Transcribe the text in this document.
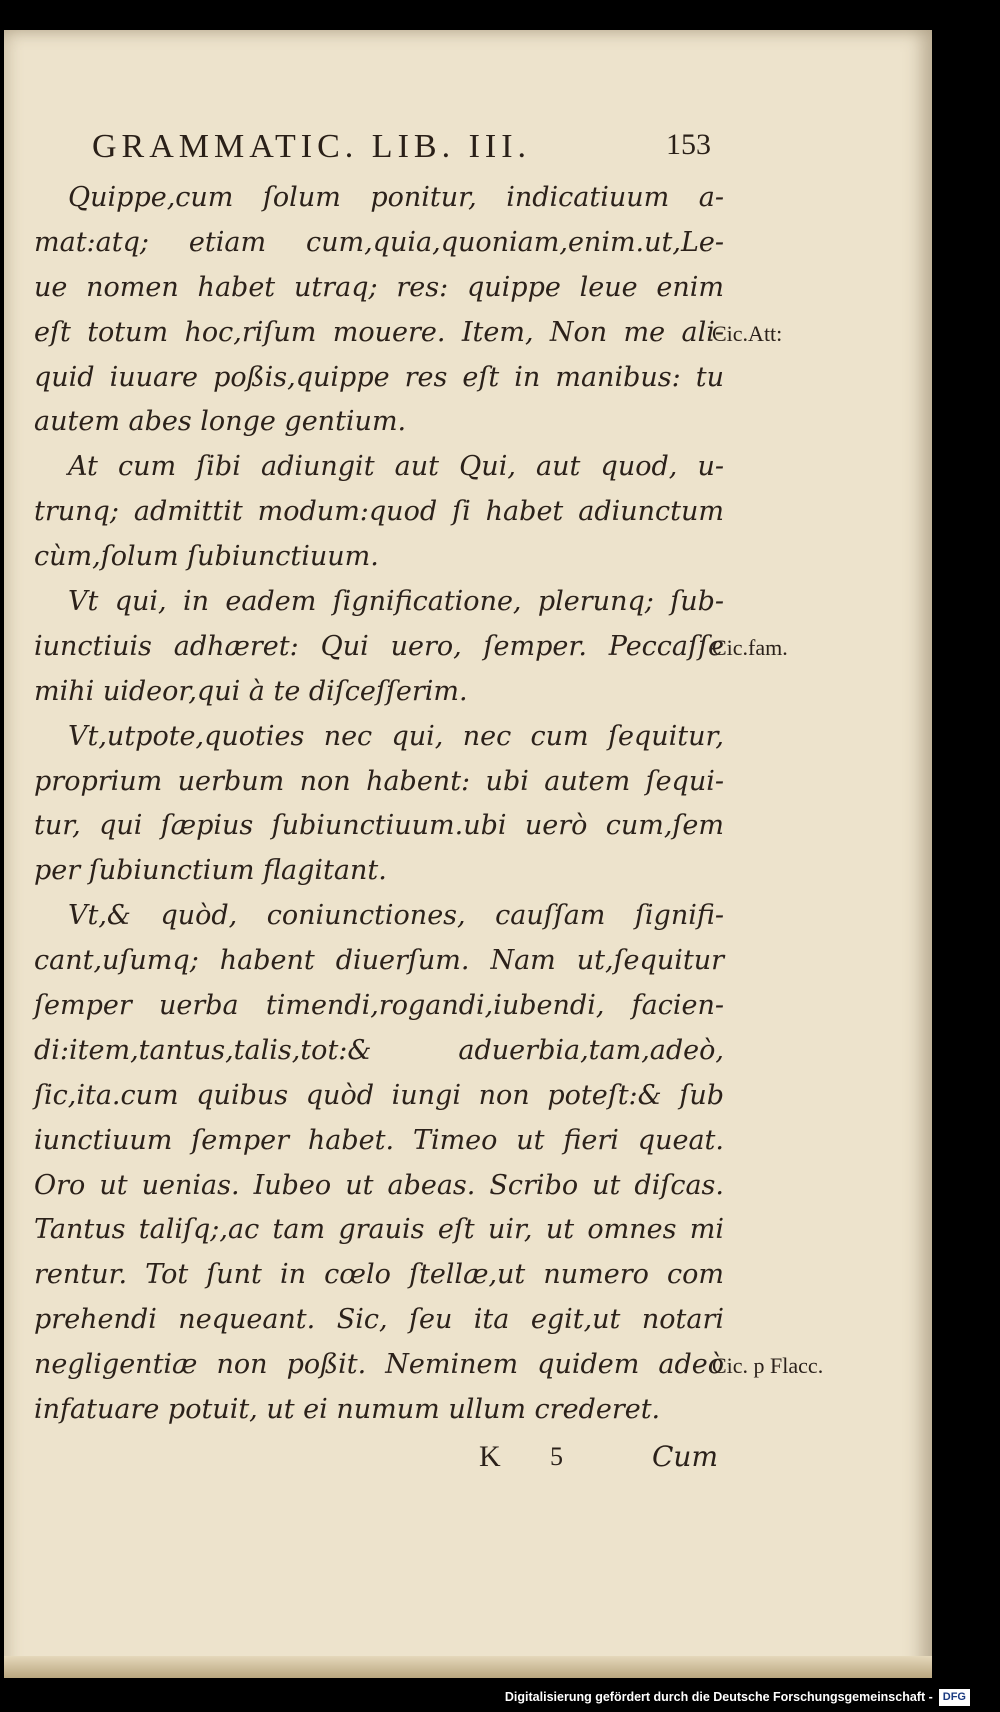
GRAMMATIC. LIB. III.	153
Quippe,cum ſolum ponitur, indicatiuum a-
mat:atq; etiam cum,quia,quoniam,enim.ut,Le-
ue nomen habet utraq; res: quippe leue enim
eſt totum hoc,riſum mouere. Item, Non me ali-
quid iuuare poßis,quippe res eſt in manibus: tu
autem abes longe gentium.
At cum ſibi adiungit aut Qui, aut quod, u-
trunq; admittit modum:quod ſi habet adiunctum
cùm,ſolum ſubiunctiuum.
Vt qui, in eadem ſignificatione, plerunq; ſub-
iunctiuis adhæret: Qui uero, ſemper. Peccaſſe
mihi uideor,qui à te diſceſſerim.
Vt,utpote,quoties nec qui, nec cum ſequitur,
proprium uerbum non habent: ubi autem ſequi-
tur, qui ſæpius ſubiunctiuum.ubi uerò cum,ſem
per ſubiunctium flagitant.
Vt,& quòd, coniunctiones, cauſſam ſignifi-
cant,uſumq; habent diuerſum. Nam ut,ſequitur
ſemper uerba timendi,rogandi,iubendi, facien-
di:item,tantus,talis,tot:& aduerbia,tam,adeò,
ſic,ita.cum quibus quòd iungi non poteſt:& ſub
iunctiuum ſemper habet. Timeo ut fieri queat.
Oro ut uenias. Iubeo ut abeas. Scribo ut diſcas.
Tantus taliſq;,ac tam grauis eſt uir, ut omnes mi
rentur. Tot ſunt in cœlo ſtellæ,ut numero com
prehendi nequeant. Sic, ſeu ita egit,ut notari
negligentiæ non poßit. Neminem quidem adeò
infatuare potuit, ut ei numum ullum crederet.
Cic.Att:
Cic.fam.
Cic. p Flacc.
K 5	Cum
Digitalisierung gefördert durch die Deutsche Forschungsgemeinschaft - DFG
